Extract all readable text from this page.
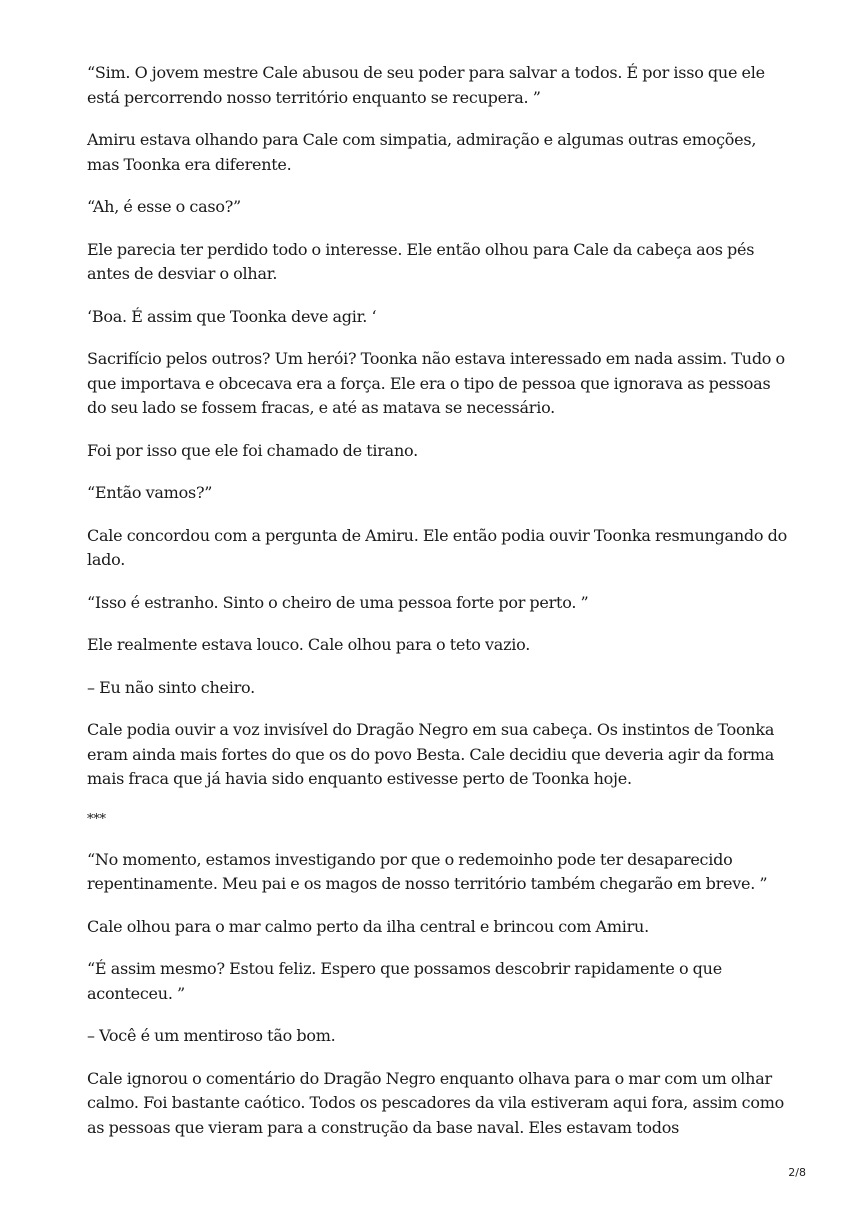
“Sim. O jovem mestre Cale abusou de seu poder para salvar a todos. É por isso que ele está percorrendo nosso território enquanto se recupera. ”

Amiru estava olhando para Cale com simpatia, admiração e algumas outras emoções, mas Toonka era diferente.

“Ah, é esse o caso?”

Ele parecia ter perdido todo o interesse. Ele então olhou para Cale da cabeça aos pés antes de desviar o olhar.

‘Boa. É assim que Toonka deve agir. ‘

Sacrifício pelos outros? Um herói? Toonka não estava interessado em nada assim. Tudo o que importava e obcecava era a força. Ele era o tipo de pessoa que ignorava as pessoas do seu lado se fossem fracas, e até as matava se necessário.

Foi por isso que ele foi chamado de tirano.

“Então vamos?”

Cale concordou com a pergunta de Amiru. Ele então podia ouvir Toonka resmungando do lado.

“Isso é estranho. Sinto o cheiro de uma pessoa forte por perto. ”

Ele realmente estava louco. Cale olhou para o teto vazio.

– Eu não sinto cheiro.

Cale podia ouvir a voz invisível do Dragão Negro em sua cabeça. Os instintos de Toonka eram ainda mais fortes do que os do povo Besta. Cale decidiu que deveria agir da forma mais fraca que já havia sido enquanto estivesse perto de Toonka hoje.

***

“No momento, estamos investigando por que o redemoinho pode ter desaparecido repentinamente. Meu pai e os magos de nosso território também chegarão em breve. ”

Cale olhou para o mar calmo perto da ilha central e brincou com Amiru.

“É assim mesmo? Estou feliz. Espero que possamos descobrir rapidamente o que aconteceu. ”

– Você é um mentiroso tão bom.

Cale ignorou o comentário do Dragão Negro enquanto olhava para o mar com um olhar calmo. Foi bastante caótico. Todos os pescadores da vila estiveram aqui fora, assim como as pessoas que vieram para a construção da base naval. Eles estavam todos

2/8
